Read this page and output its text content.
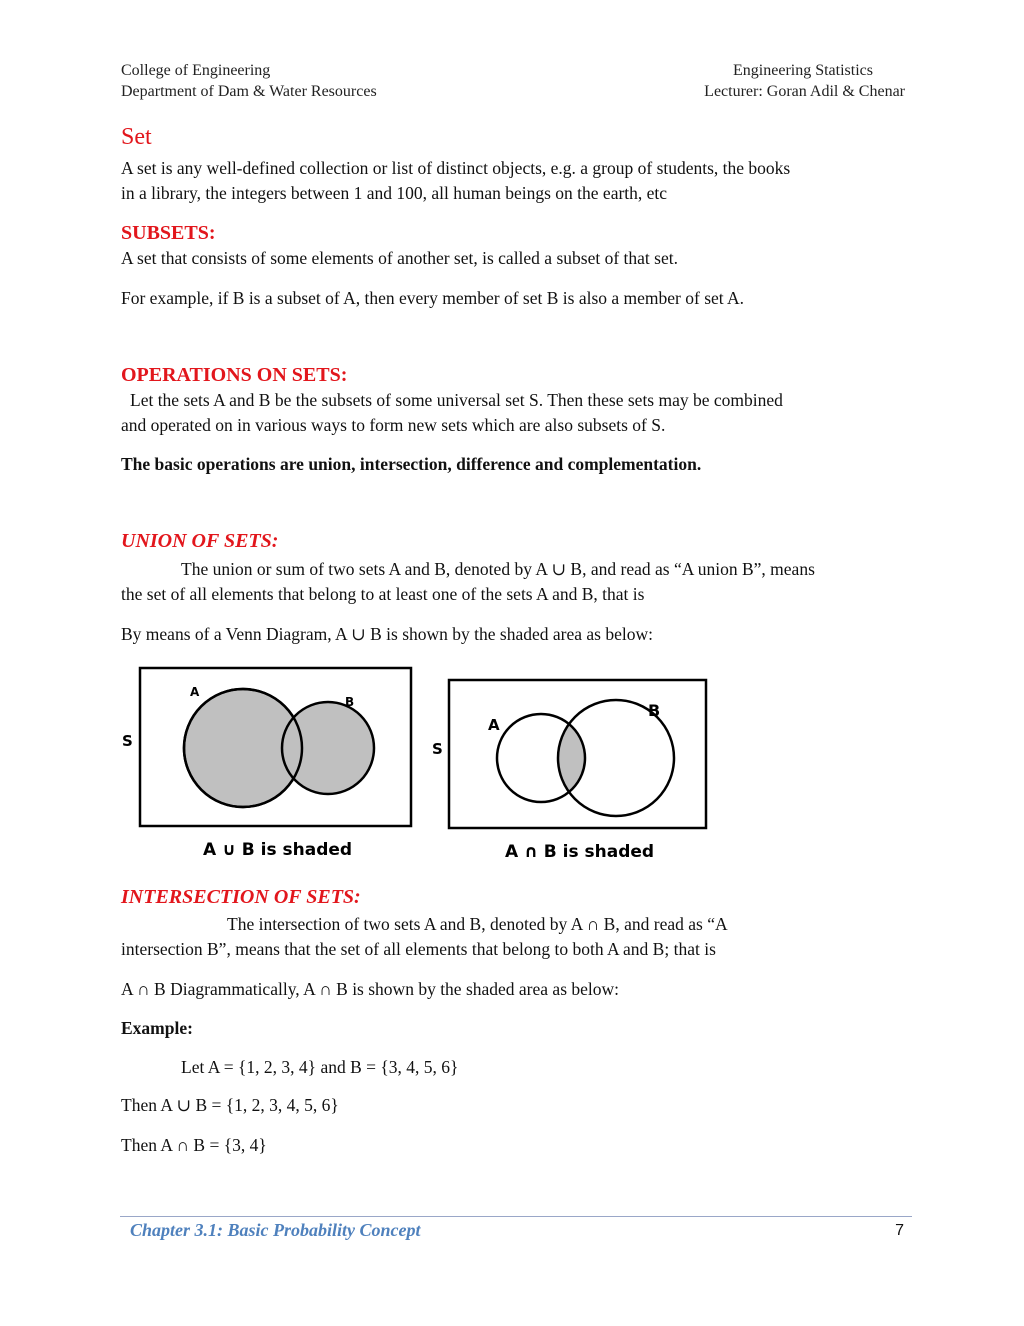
College of Engineering
Department of Dam & Water Resources
Engineering Statistics
Lecturer: Goran Adil & Chenar
Set
A set is any well-defined collection or list of distinct objects, e.g. a group of students, the books
in a library, the integers between 1 and 100, all human beings on the earth, etc
SUBSETS:
A set that consists of some elements of another set, is called a subset of that set.
For example, if B is a subset of A, then every member of set B is also a member of set A.
OPERATIONS ON SETS:
Let the sets A and B be the subsets of some universal set S. Then these sets may be combined
and operated on in various ways to form new sets which are also subsets of S.
The basic operations are union, intersection, difference and complementation.
UNION OF SETS:
The union or sum of two sets A and B, denoted by A ∪ B, and read as “A union B”, means
the set of all elements that belong to at least one of the sets A and B, that is
By means of a Venn Diagram, A ∪ B is shown by the shaded area as below:
S
A
B
A ∪ B is shaded
S
A
B
A ∩ B is shaded
INTERSECTION OF SETS:
The intersection of two sets A and B, denoted by A ∩ B, and read as “A
intersection B”, means that the set of all elements that belong to both A and B; that is
A ∩ B Diagrammatically, A ∩ B is shown by the shaded area as below:
Example:
Let A = {1, 2, 3, 4} and B = {3, 4, 5, 6}
Then A ∪ B = {1, 2, 3, 4, 5, 6}
Then A ∩ B = {3, 4}
Chapter 3.1: Basic Probability Concept	7
